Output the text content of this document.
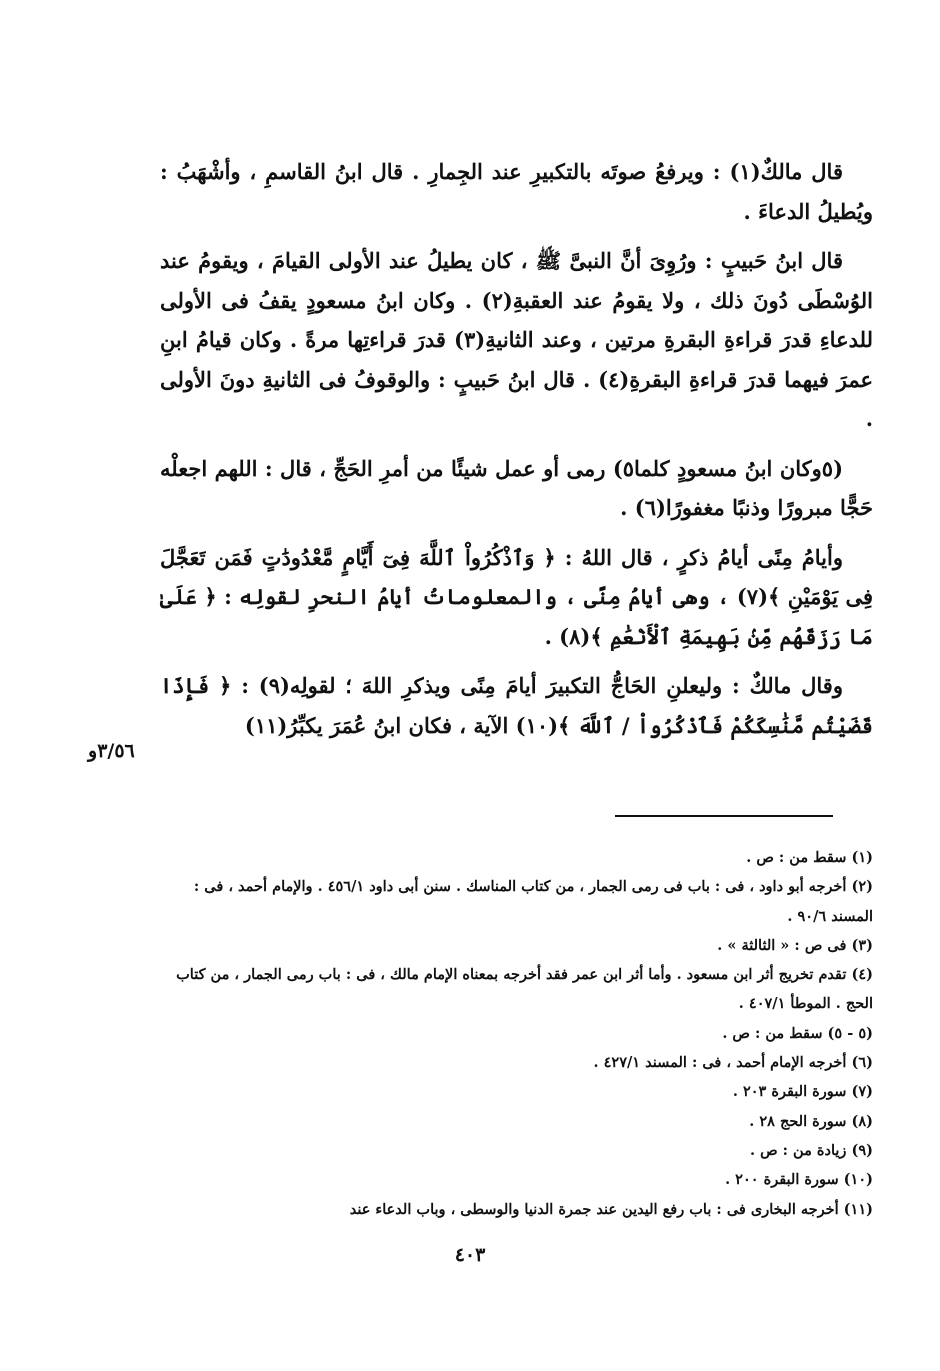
قال مالكٌ(١) : ويرفعُ صوتَه بالتكبيرِ عند الجِمارِ . قال ابنُ القاسمِ ، وأشْهَبُ : ويُطيلُ الدعاءَ .

قال ابنُ حَبيبٍ : ورُوِىَ أنَّ النبىَّ ﷺ ، كان يطيلُ عند الأولى القيامَ ، ويقومُ عند الوُسْطَى دُونَ ذلك ، ولا يقومُ عند العقبةِ(٢) . وكان ابنُ مسعودٍ يقفُ فى الأولى للدعاءِ قدرَ قراءةِ البقرةِ مرتين ، وعند الثانيةِ(٣) قدرَ قراءتِها مرةً . وكان قيامُ ابنِ عمرَ فيهما قدرَ قراءةِ البقرةِ(٤) . قال ابنُ حَبيبٍ : والوقوفُ فى الثانيةِ دونَ الأولى .

(٥وكان ابنُ مسعودٍ كلما٥) رمى أو عمل شيئًا من أمرِ الحَجِّ ، قال : اللهم اجعلْه حَجًّا مبرورًا وذنبًا مغفورًا(٦) .

وأيامُ مِنًى أيامُ ذكرٍ ، قال اللهُ : ﴿ وَٱذْكُرُواْ ٱللَّهَ فِىٓ أَيَّامٍ مَّعْدُودَٰتٍ فَمَن تَعَجَّلَ فِى يَوْمَيْنِ ﴾(٧) ، وهى أيامُ مِنًى ، والمعلوماتُ أيامُ النحرِ لقولِه : ﴿ عَلَىٰ مَا رَزَقَهُم مِّنۢ بَهِيمَةِ ٱلْأَنْعَٰمِ ﴾(٨) .

وقال مالكٌ : وليعلنِ الحَاجُّ التكبيرَ أيامَ مِنًى ويذكرِ اللهَ ؛ لقولِه(٩) : ﴿ فَإِذَا قَضَيْتُم مَّنَٰسِكَكُمْ فَٱذْكُرُواْ / ٱللَّهَ ﴾(١٠) الآية ، فكان ابنُ عُمَرَ يكبِّرُ(١١)

٣/٥٦و
(١) سقط من : ص .
(٢) أخرجه أبو داود ، فى : باب فى رمى الجمار ، من كتاب المناسك . سنن أبى داود ٤٥٦/١ . والإمام أحمد ، فى : المسند ٩٠/٦ .
(٣) فى ص : « الثالثة » .
(٤) تقدم تخريج أثر ابن مسعود . وأما أثر ابن عمر فقد أخرجه بمعناه الإمام مالك ، فى : باب رمى الجمار ، من كتاب الحج . الموطأ ٤٠٧/١ .
(٥ - ٥) سقط من : ص .
(٦) أخرجه الإمام أحمد ، فى : المسند ٤٢٧/١ .
(٧) سورة البقرة ٢٠٣ .
(٨) سورة الحج ٢٨ .
(٩) زيادة من : ص .
(١٠) سورة البقرة ٢٠٠ .
(١١) أخرجه البخارى فى : باب رفع اليدين عند جمرة الدنيا والوسطى ، وباب الدعاء عند
٤٠٣
